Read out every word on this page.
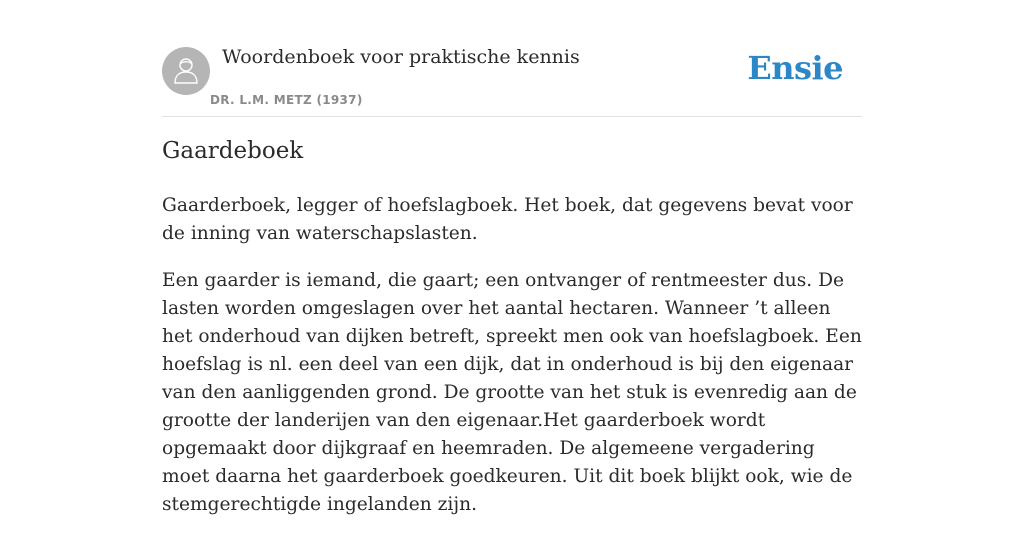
Woordenboek voor praktische kennis
DR. L.M. METZ (1937)
Ensie
Gaardeboek

Gaarderboek, legger of hoefslagboek. Het boek, dat gegevens bevat voor de inning van waterschapslasten.

Een gaarder is iemand, die gaart; een ontvanger of rentmeester dus. De lasten worden omgeslagen over het aantal hectaren. Wanneer ’t alleen het onderhoud van dijken betreft, spreekt men ook van hoefslagboek. Een hoefslag is nl. een deel van een dijk, dat in onderhoud is bij den eigenaar van den aanliggenden grond. De grootte van het stuk is evenredig aan de grootte der landerijen van den eigenaar.Het gaarderboek wordt opgemaakt door dijkgraaf en heemraden. De algemeene vergadering moet daarna het gaarderboek goedkeuren. Uit dit boek blijkt ook, wie de stemgerechtigde ingelanden zijn.
